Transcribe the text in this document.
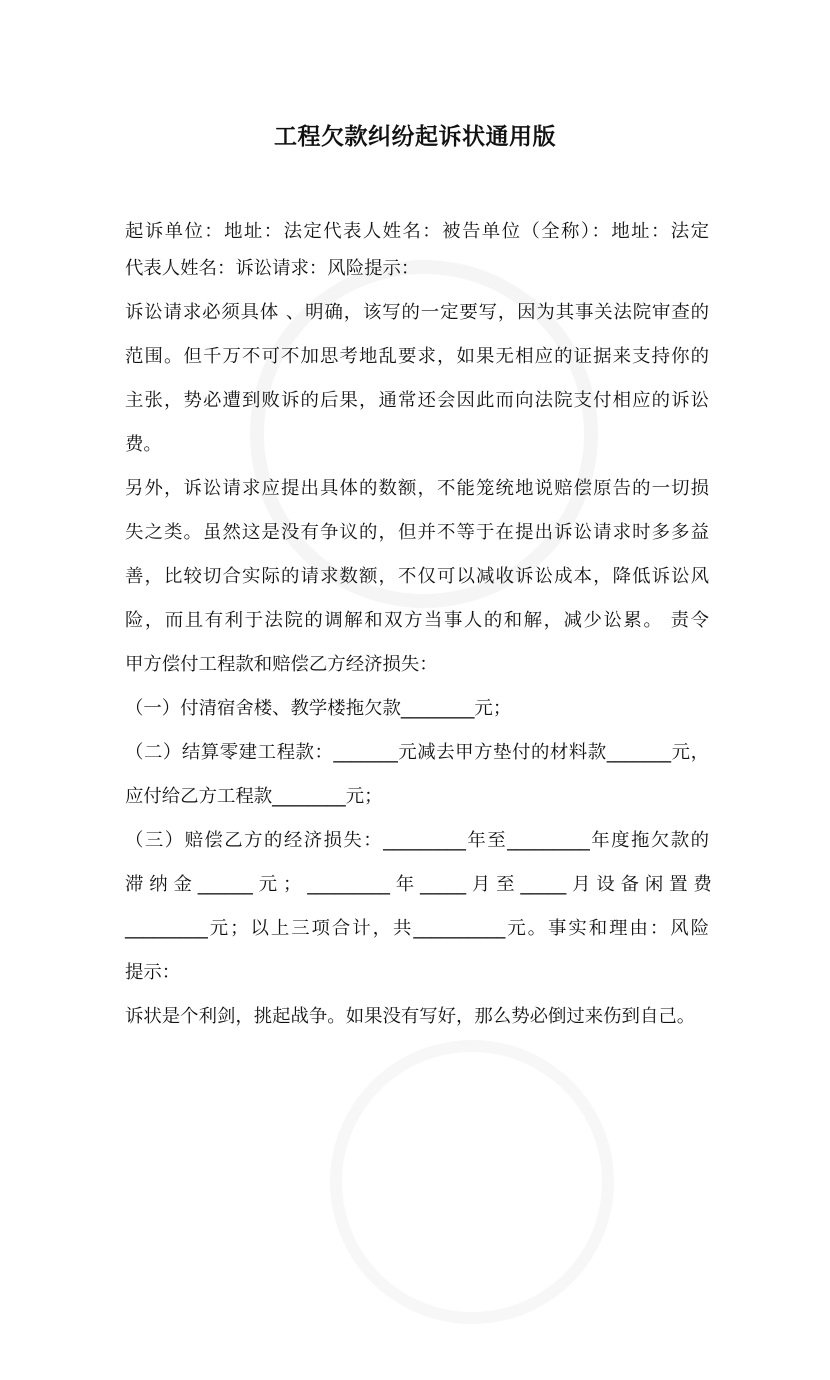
工程欠款纠纷起诉状通用版
起诉单位：地址：法定代表人姓名：被告单位（全称）：地址：法定
代表人姓名：诉讼请求：风险提示：
诉讼请求必须具体 、明确，该写的一定要写，因为其事关法院审查的
范围。但千万不可不加思考地乱要求，如果无相应的证据来支持你的
主张，势必遭到败诉的后果，通常还会因此而向法院支付相应的诉讼
费。
另外，诉讼请求应提出具体的数额，不能笼统地说赔偿原告的一切损
失之类。虽然这是没有争议的，但并不等于在提出诉讼请求时多多益
善，比较切合实际的请求数额，不仅可以减收诉讼成本，降低诉讼风
险，而且有利于法院的调解和双方当事人的和解，减少讼累。 责令
甲方偿付工程款和赔偿乙方经济损失：
（一）付清宿舍楼、教学楼拖欠款________元；
（二）结算零建工程款：_______元减去甲方垫付的材料款_______元，
应付给乙方工程款________元；
（三）赔偿乙方的经济损失：_________年至_________年度拖欠款的
滞 纳 金 ______ 元 ； _________ 年 _____ 月 至 _____ 月 设 备 闲 置 费
_________元；以上三项合计，共__________元。事实和理由：风险
提示：
诉状是个利剑，挑起战争。如果没有写好，那么势必倒过来伤到自己。
